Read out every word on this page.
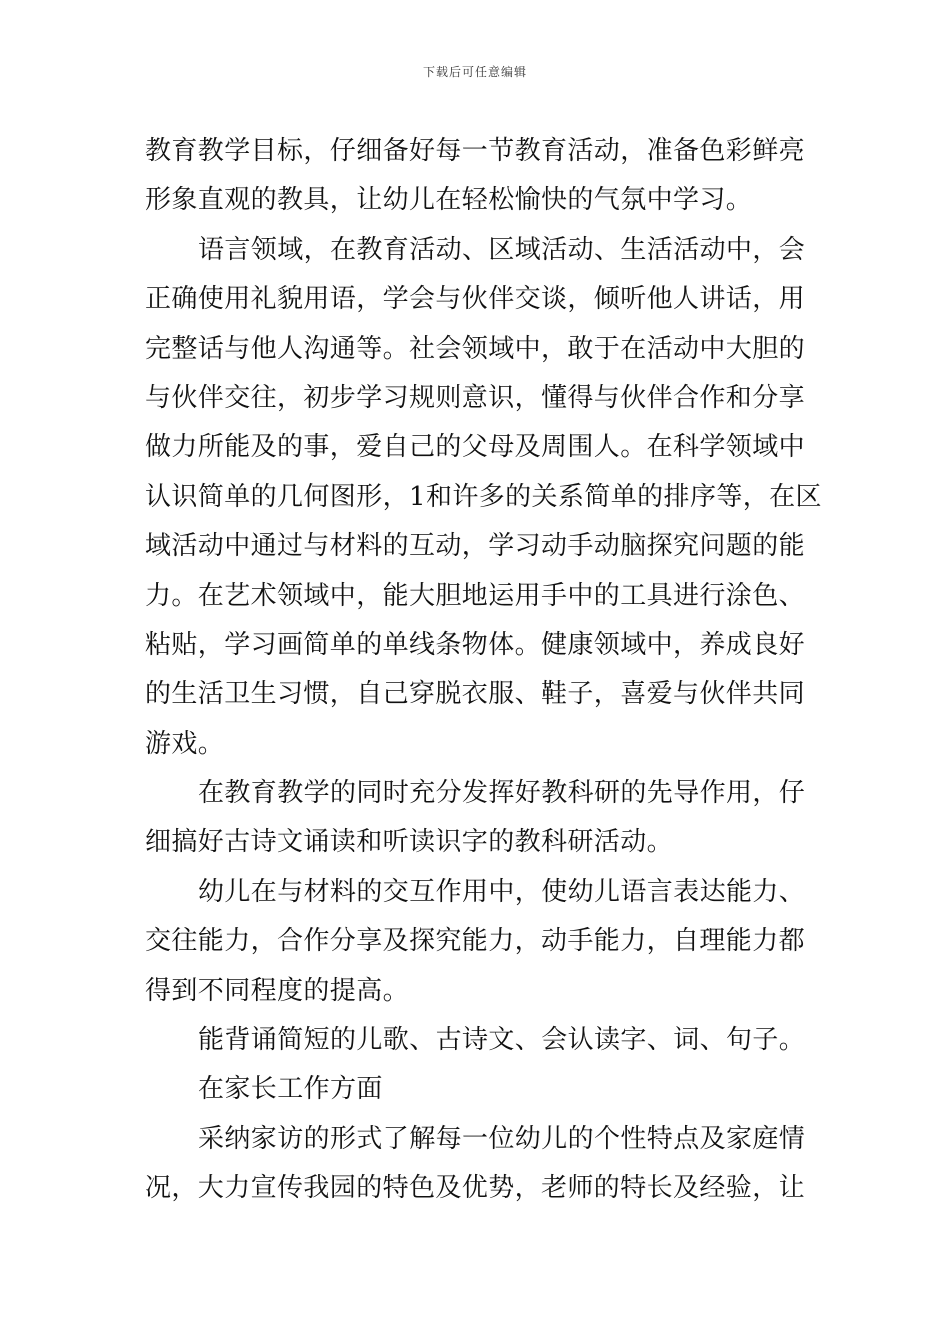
下载后可任意编辑
教育教学目标，仔细备好每一节教育活动，准备色彩鲜亮
形象直观的教具，让幼儿在轻松愉快的气氛中学习。
语言领域，在教育活动、区域活动、生活活动中，会
正确使用礼貌用语，学会与伙伴交谈，倾听他人讲话，用
完整话与他人沟通等。社会领域中，敢于在活动中大胆的
与伙伴交往，初步学习规则意识，懂得与伙伴合作和分享
做力所能及的事，爱自己的父母及周围人。在科学领域中
认识简单的几何图形，1和许多的关系简单的排序等，在区
域活动中通过与材料的互动，学习动手动脑探究问题的能
力。在艺术领域中，能大胆地运用手中的工具进行涂色、
粘贴，学习画简单的单线条物体。健康领域中，养成良好
的生活卫生习惯，自己穿脱衣服、鞋子，喜爱与伙伴共同
游戏。
在教育教学的同时充分发挥好教科研的先导作用，仔
细搞好古诗文诵读和听读识字的教科研活动。
幼儿在与材料的交互作用中，使幼儿语言表达能力、
交往能力，合作分享及探究能力，动手能力，自理能力都
得到不同程度的提高。
能背诵简短的儿歌、古诗文、会认读字、词、句子。
在家长工作方面
采纳家访的形式了解每一位幼儿的个性特点及家庭情
况，大力宣传我园的特色及优势，老师的特长及经验，让
